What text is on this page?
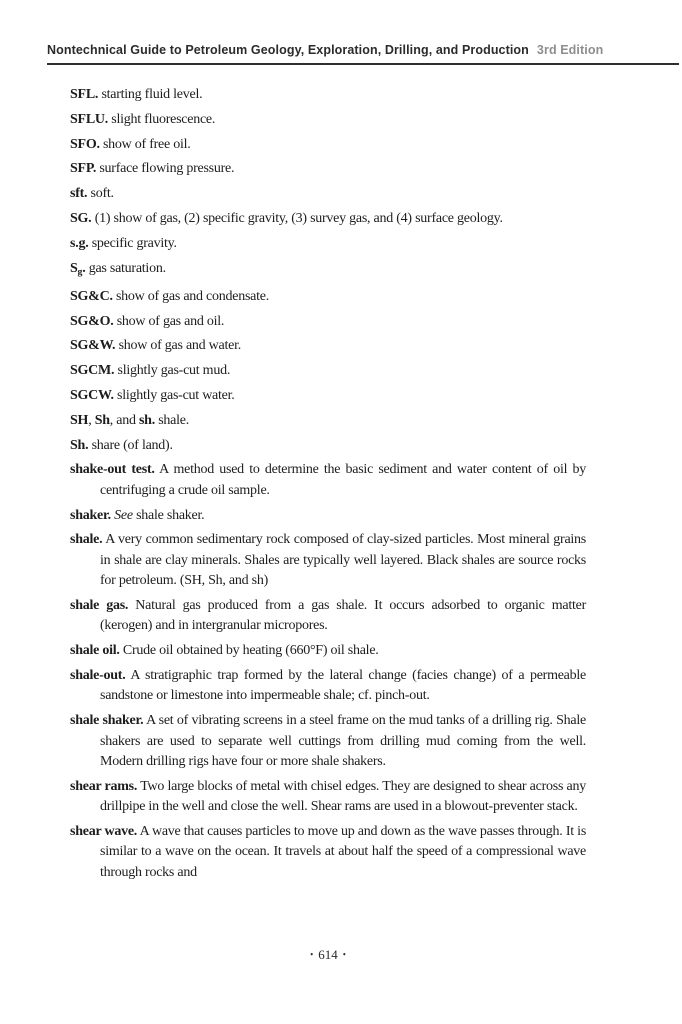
Nontechnical Guide to Petroleum Geology, Exploration, Drilling, and Production 3rd Edition

SFL. starting fluid level.

SFLU. slight fluorescence.

SFO. show of free oil.

SFP. surface flowing pressure.

sft. soft.

SG. (1) show of gas, (2) specific gravity, (3) survey gas, and (4) surface geology.

s.g. specific gravity.

$S_g$. gas saturation.

SG&C. show of gas and condensate.

SG&O. show of gas and oil.

SG&W. show of gas and water.

SGCM. slightly gas-cut mud.

SGCW. slightly gas-cut water.

SH, Sh, and sh. shale.

Sh. share (of land).

shake-out test. A method used to determine the basic sediment and water content of oil by centrifuging a crude oil sample.

shaker. See shale shaker.

shale. A very common sedimentary rock composed of clay-sized particles. Most mineral grains in shale are clay minerals. Shales are typically well layered. Black shales are source rocks for petroleum. (SH, Sh, and sh)

shale gas. Natural gas produced from a gas shale. It occurs adsorbed to organic matter (kerogen) and in intergranular micropores.

shale oil. Crude oil obtained by heating (660°F) oil shale.

shale-out. A stratigraphic trap formed by the lateral change (facies change) of a permeable sandstone or limestone into impermeable shale; cf. pinch-out.

shale shaker. A set of vibrating screens in a steel frame on the mud tanks of a drilling rig. Shale shakers are used to separate well cuttings from drilling mud coming from the well. Modern drilling rigs have four or more shale shakers.

shear rams. Two large blocks of metal with chisel edges. They are designed to shear across any drillpipe in the well and close the well. Shear rams are used in a blowout-preventer stack.

shear wave. A wave that causes particles to move up and down as the wave passes through. It is similar to a wave on the ocean. It travels at about half the speed of a compressional wave through rocks and

• 614 •
